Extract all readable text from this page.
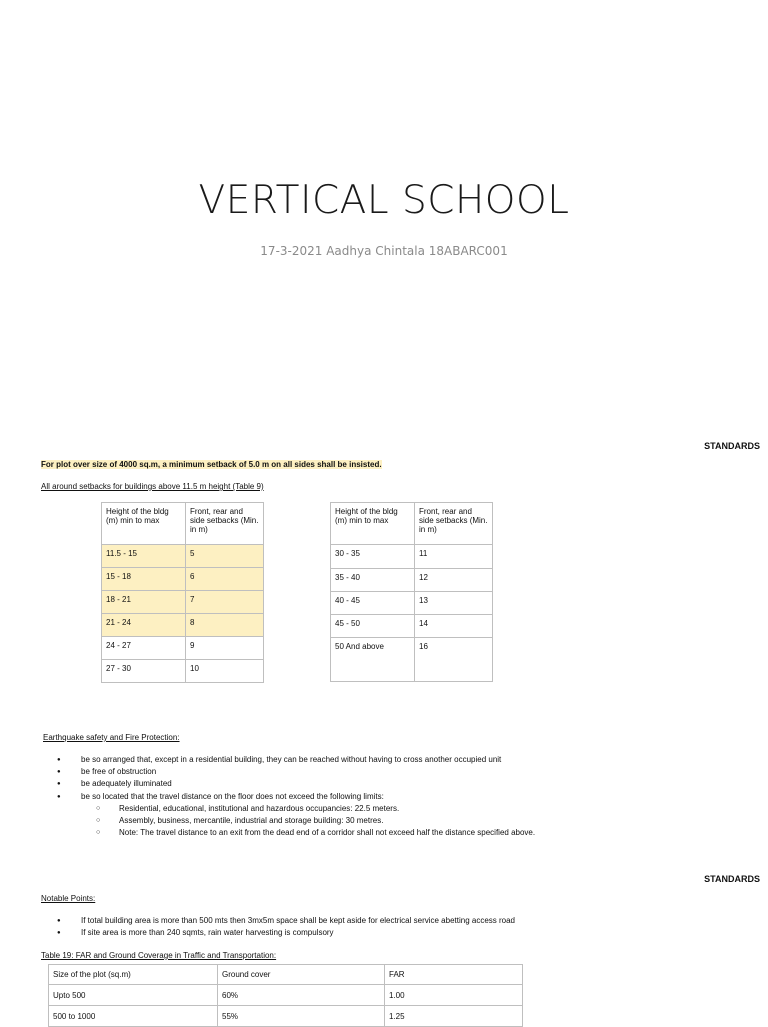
VERTICAL SCHOOL
17-3-2021 Aadhya Chintala 18ABARC001
STANDARDS
For plot over size of 4000 sq.m, a minimum setback of 5.0 m on all sides shall be insisted.
All around setbacks for buildings above 11.5 m height (Table 9)
Height of the bldg (m) min to max	Front, rear and side setbacks (Min. in m)
11.5 - 15	5
15 - 18	6
18 - 21	7
21 - 24	8
24 - 27	9
27 - 30	10
Height of the bldg (m) min to max	Front, rear and side setbacks (Min. in m)
30 - 35	11
35 - 40	12
40 - 45	13
45 - 50	14
50 And above	16
Earthquake safety and Fire Protection:
● be so arranged that, except in a residential building, they can be reached without having to cross another occupied unit
● be free of obstruction
● be adequately illuminated
● be so located that the travel distance on the floor does not exceed the following limits:
○ Residential, educational, institutional and hazardous occupancies: 22.5 meters.
○ Assembly, business, mercantile, industrial and storage building: 30 metres.
○ Note: The travel distance to an exit from the dead end of a corridor shall not exceed half the distance specified above.
STANDARDS
Notable Points:
● If total building area is more than 500 mts then 3mx5m space shall be kept aside for electrical service abetting access road
● If site area is more than 240 sqmts, rain water harvesting is compulsory
Table 19: FAR and Ground Coverage in Traffic and Transportation:
Size of the plot (sq.m)	Ground cover	FAR
Upto 500	60%	1.00
500 to 1000	55%	1.25
